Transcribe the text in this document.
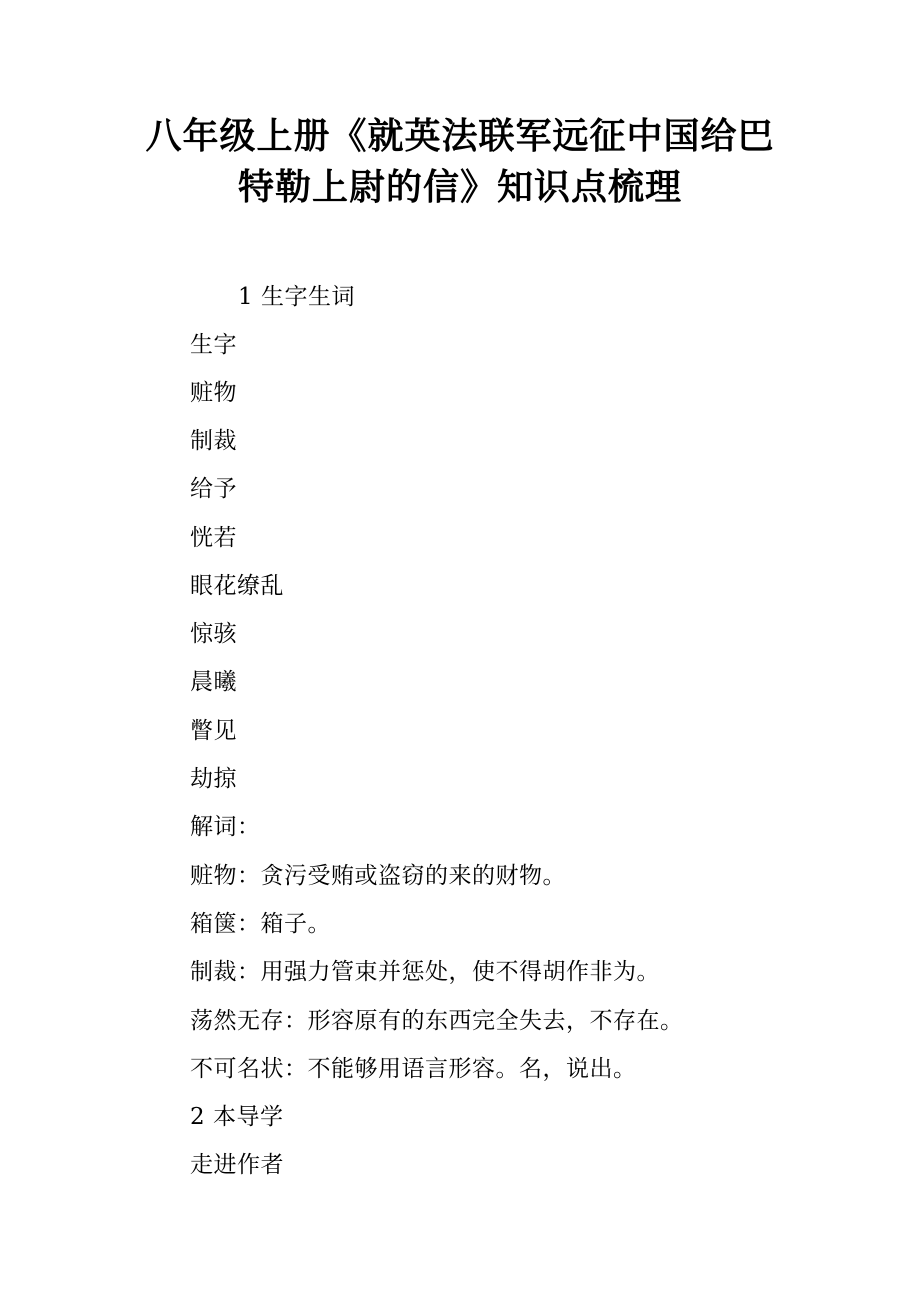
八年级上册《就英法联军远征中国给巴
特勒上尉的信》知识点梳理
1 生字生词
生字
赃物
制裁
给予
恍若
眼花缭乱
惊骇
晨曦
瞥见
劫掠
解词：
赃物：贪污受贿或盗窃的来的财物。
箱箧：箱子。
制裁：用强力管束并惩处，使不得胡作非为。
荡然无存：形容原有的东西完全失去，不存在。
不可名状：不能够用语言形容。名，说出。
2 本导学
走进作者
